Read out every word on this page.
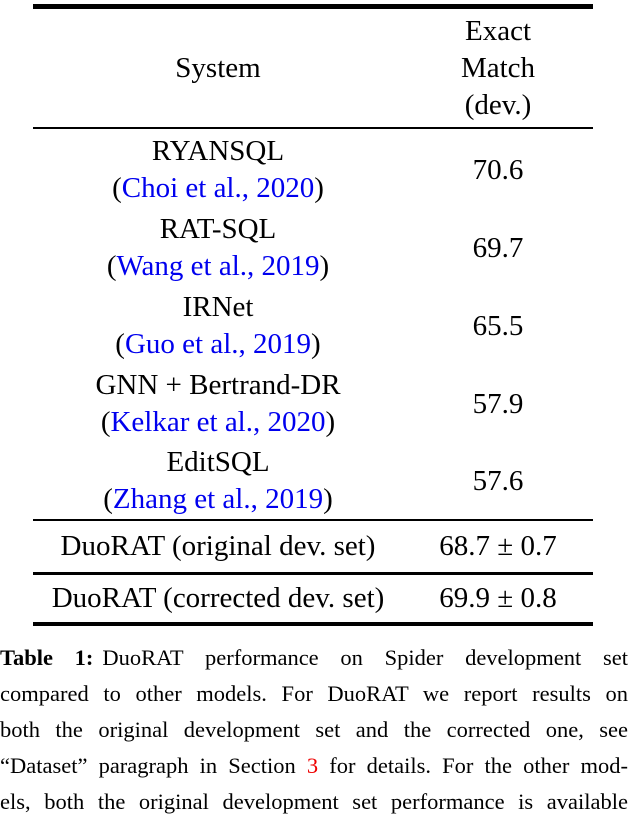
System
Exact
Match
(dev.)
RYANSQL
(Choi et al., 2020)
70.6
RAT-SQL
(Wang et al., 2019)
69.7
IRNet
(Guo et al., 2019)
65.5
GNN + Bertrand-DR
(Kelkar et al., 2020)
57.9
EditSQL
(Zhang et al., 2019)
57.6
DuoRAT (original dev. set) 68.7 ± 0.7
DuoRAT (corrected dev. set) 69.9 ± 0.8
Table 1: DuoRAT performance on Spider development set
compared to other models. For DuoRAT we report results on
both the original development set and the corrected one, see
“Dataset” paragraph in Section 3 for details. For the other mod-
els, both the original development set performance is available
